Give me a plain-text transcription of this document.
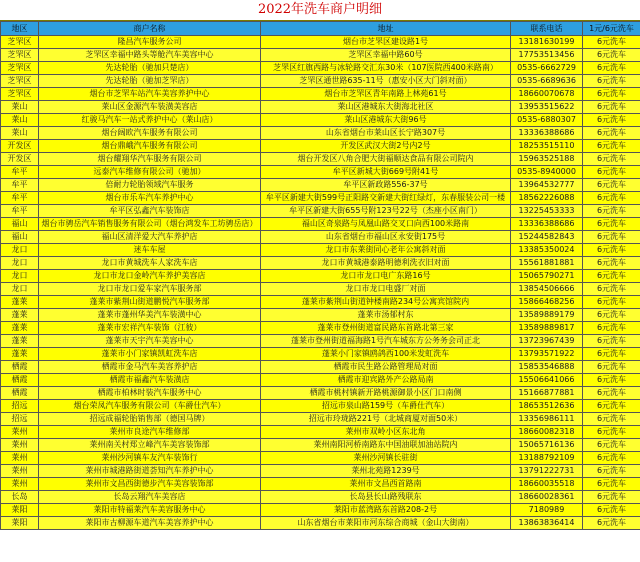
2022年洗车商户明细
地区	商户名称	地址	联系电话	1元/6元洗车
芝罘区	隆昌汽车服务公司	烟台市芝罘区建设路1号	13181630199	6元洗车
芝罘区	芝罘区幸福中路头等舱汽车美容中心	芝罘区幸福中路60号	17753513456	6元洗车
芝罘区	先达轮胎（驰加只楚店）	芝罘区红旗西路与冰轮路交汇东30米（107医院西400米路南）	0535-6662729	6元洗车
芝罘区	先达轮胎（驰加芝罘店）	芝罘区通世路635-11号（惠安小区大门斜对面）	0535-6689636	6元洗车
芝罘区	烟台市芝罘车站汽车美容养护中心	烟台市芝罘区青年南路上林苑61号	18660070678	6元洗车
莱山	莱山区金源汽车装潢美容店	莱山区港城东大街海北社区	13953515622	6元洗车
莱山	红骏马汽车一站式养护中心（莱山店）	莱山区港城东大街96号	0535-6880307	6元洗车
莱山	烟台阔欧汽车服务有限公司	山东省烟台市莱山区长宁路307号	13336388686	6元洗车
开发区	烟台鼎峨汽车服务有限公司	开发区武汉大街2号内2号	18253515110	6元洗车
开发区	烟台耀翔华汽车服务有限公司	烟台开发区八角合肥大街福顺达食品有限公司院内	15963525188	6元洗车
牟平	远泰汽车维修有限公司（驰加）	牟平区新城大街669号附41号	0535-8940000	6元洗车
牟平	倍耐力轮胎领域汽车服务	牟平区新政路556-37号	13964532777	6元洗车
牟平	烟台市乐车汽车养护中心	牟平区新建大街599号正阳路交新建大街红绿灯，东春服装公司一楼	18562226088	6元洗车
牟平	牟平区弘鑫汽车装饰店	牟平区新建大街655号附123号22号（杰座小区南门）	13225453333	6元洗车
福山	烟台市骋岳汽车销售服务有限公司（烟台鸿发车工坊骋岳店）	福山区奇泉路与凤凰山路交叉口向西100米路南	13336388686	6元洗车
福山	福山区清洋爱大汽车养护店	山东省烟台市福山区永安街175号	15244582843	6元洗车
龙口	迷车车屋	龙口市东莱街同心老年公寓斜对面	13385350024	6元洗车
龙口	龙口市黄城洗车人家洗车店	龙口市黄城港泰路明德利洗衣旧对面	15561881881	6元洗车
龙口	龙口市龙口金岭汽车养护美容店	龙口市龙口电广东路16号	15065790271	6元洗车
龙口	龙口市龙口爱车家汽车服务部	龙口市龙口电盛厂对面	13854506666	6元洗车
蓬莱	蓬莱市紫荆山街道鹏悦汽车服务部	蓬莱市紫荆山街道钟楼南路234号公寓宾馆院内	15866468256	6元洗车
蓬莱	蓬莱市蓬州华美汽车装潢中心	蓬莱市汤郁村东	13589889179	6元洗车
蓬莱	蓬莱市宏祥汽车装饰（江彼）	蓬莱市登州街道富民路东首路北第三家	13589889817	6元洗车
蓬莱	蓬莱市天宇汽车美容中心	蓬莱市登州街道福海路1号汽车城东方公务务会司正北	13723967439	6元洗车
蓬莱	蓬莱市小门家镇凯虹洗车店	蓬莱小门家镇鸥鸽西100米发虹洗车	13793571922	6元洗车
栖霞	栖霞市金马汽车美容养护店	栖霞市民生路公路管理局对面	15853546888	6元洗车
栖霞	栖霞市福鑫汽车装潢店	栖霞市迎宾路外产公路局南	15506641066	6元洗车
栖霞	栖霞市柏林时装汽车服务中心	栖霞市桃村镇新开路桃源御景小区门口南侧	15166877881	6元洗车
招远	烟台荣凤汽车服务有限公司（车爵仕汽车）	招远市泉山路159号（车爵仕汽车）	18653512636	6元洗车
招远	招远成福轮胎销售部（德国马牌）	招远市玲珑路221号（北城商厦对面50米）	13356986111	6元洗车
莱州	莱州市良途汽车维修部	莱州市双岭小区东北角	18660082318	6元洗车
莱州	莱州南关村郑立峰汽车美容装饰部	莱州南阳河桥南路东中国油联加油站院内	15065716136	6元洗车
莱州	莱州沙河镇车友汽车装饰行	莱州沙河镇长驻街	13188792109	6元洗车
莱州	莱州市城港路街道荟知汽车养护中心	莱州北苑路1239号	13791222731	6元洗车
莱州	莱州市文昌西街德步汽车美容装饰部	莱州市文昌西首路南	18660035518	6元洗车
长岛	长岛云翔汽车美容店	长岛县长山路残联东	18660028361	6元洗车
莱阳	莱阳市特福莱汽车美容服务中心	莱阳市蓝湾路东首路208-2号	7180989	6元洗车
莱阳	莱阳市古柳源车道汽车美容养护中心	山东省烟台市莱阳市河东综合商城（金山大街南）	13863836414	6元洗车
